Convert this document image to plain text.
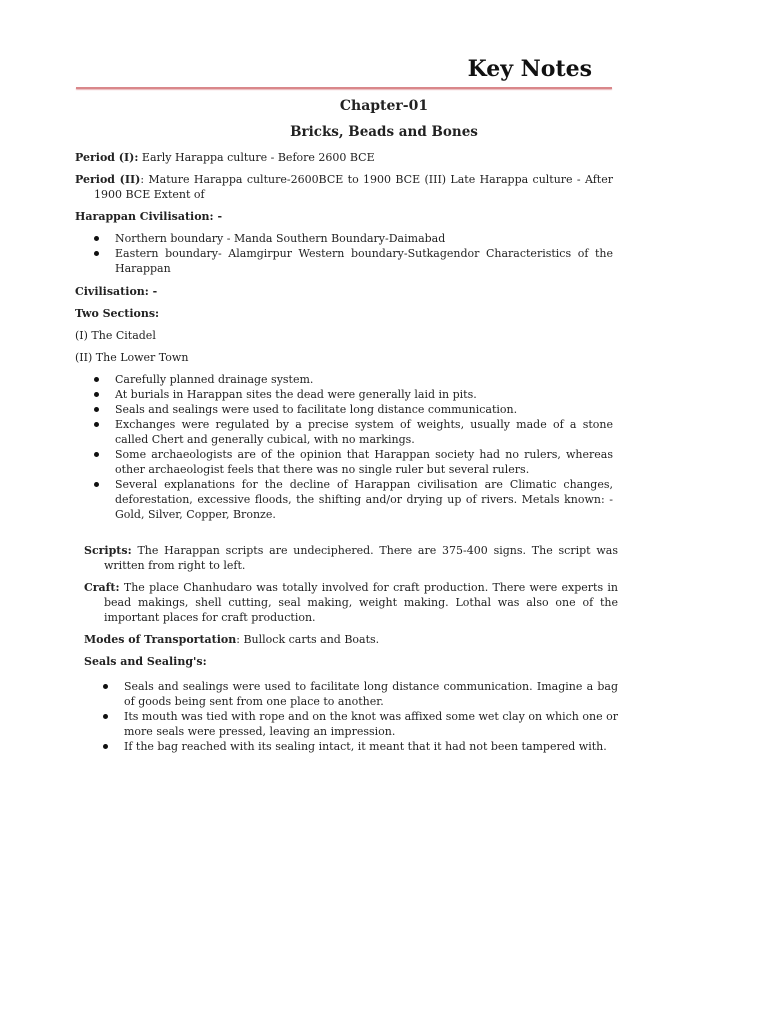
Key Notes
Chapter-01
Bricks, Beads and Bones

Period (I): Early Harappa culture - Before 2600 BCE

Period (II): Mature Harappa culture-2600BCE to 1900 BCE (III) Late Harappa culture - After 1900 BCE Extent of

Harappan Civilisation: -

Northern boundary - Manda Southern Boundary-Daimabad
Eastern boundary- Alamgirpur Western boundary-Sutkagendor Characteristics of the Harappan

Civilisation: -

Two Sections:

(I) The Citadel

(II) The Lower Town

Carefully planned drainage system.
At burials in Harappan sites the dead were generally laid in pits.
Seals and sealings were used to facilitate long distance communication.
Exchanges were regulated by a precise system of weights, usually made of a stone called Chert and generally cubical, with no markings.
Some archaeologists are of the opinion that Harappan society had no rulers, whereas other archaeologist feels that there was no single ruler but several rulers.
Several explanations for the decline of Harappan civilisation are Climatic changes, deforestation, excessive floods, the shifting and/or drying up of rivers. Metals known: - Gold, Silver, Copper, Bronze.

Scripts: The Harappan scripts are undeciphered. There are 375-400 signs. The script was written from right to left.

Craft: The place Chanhudaro was totally involved for craft production. There were experts in bead makings, shell cutting, seal making, weight making. Lothal was also one of the important places for craft production.

Modes of Transportation: Bullock carts and Boats.

Seals and Sealing's:

Seals and sealings were used to facilitate long distance communication. Imagine a bag of goods being sent from one place to another.
Its mouth was tied with rope and on the knot was affixed some wet clay on which one or more seals were pressed, leaving an impression.
If the bag reached with its sealing intact, it meant that it had not been tampered with.
